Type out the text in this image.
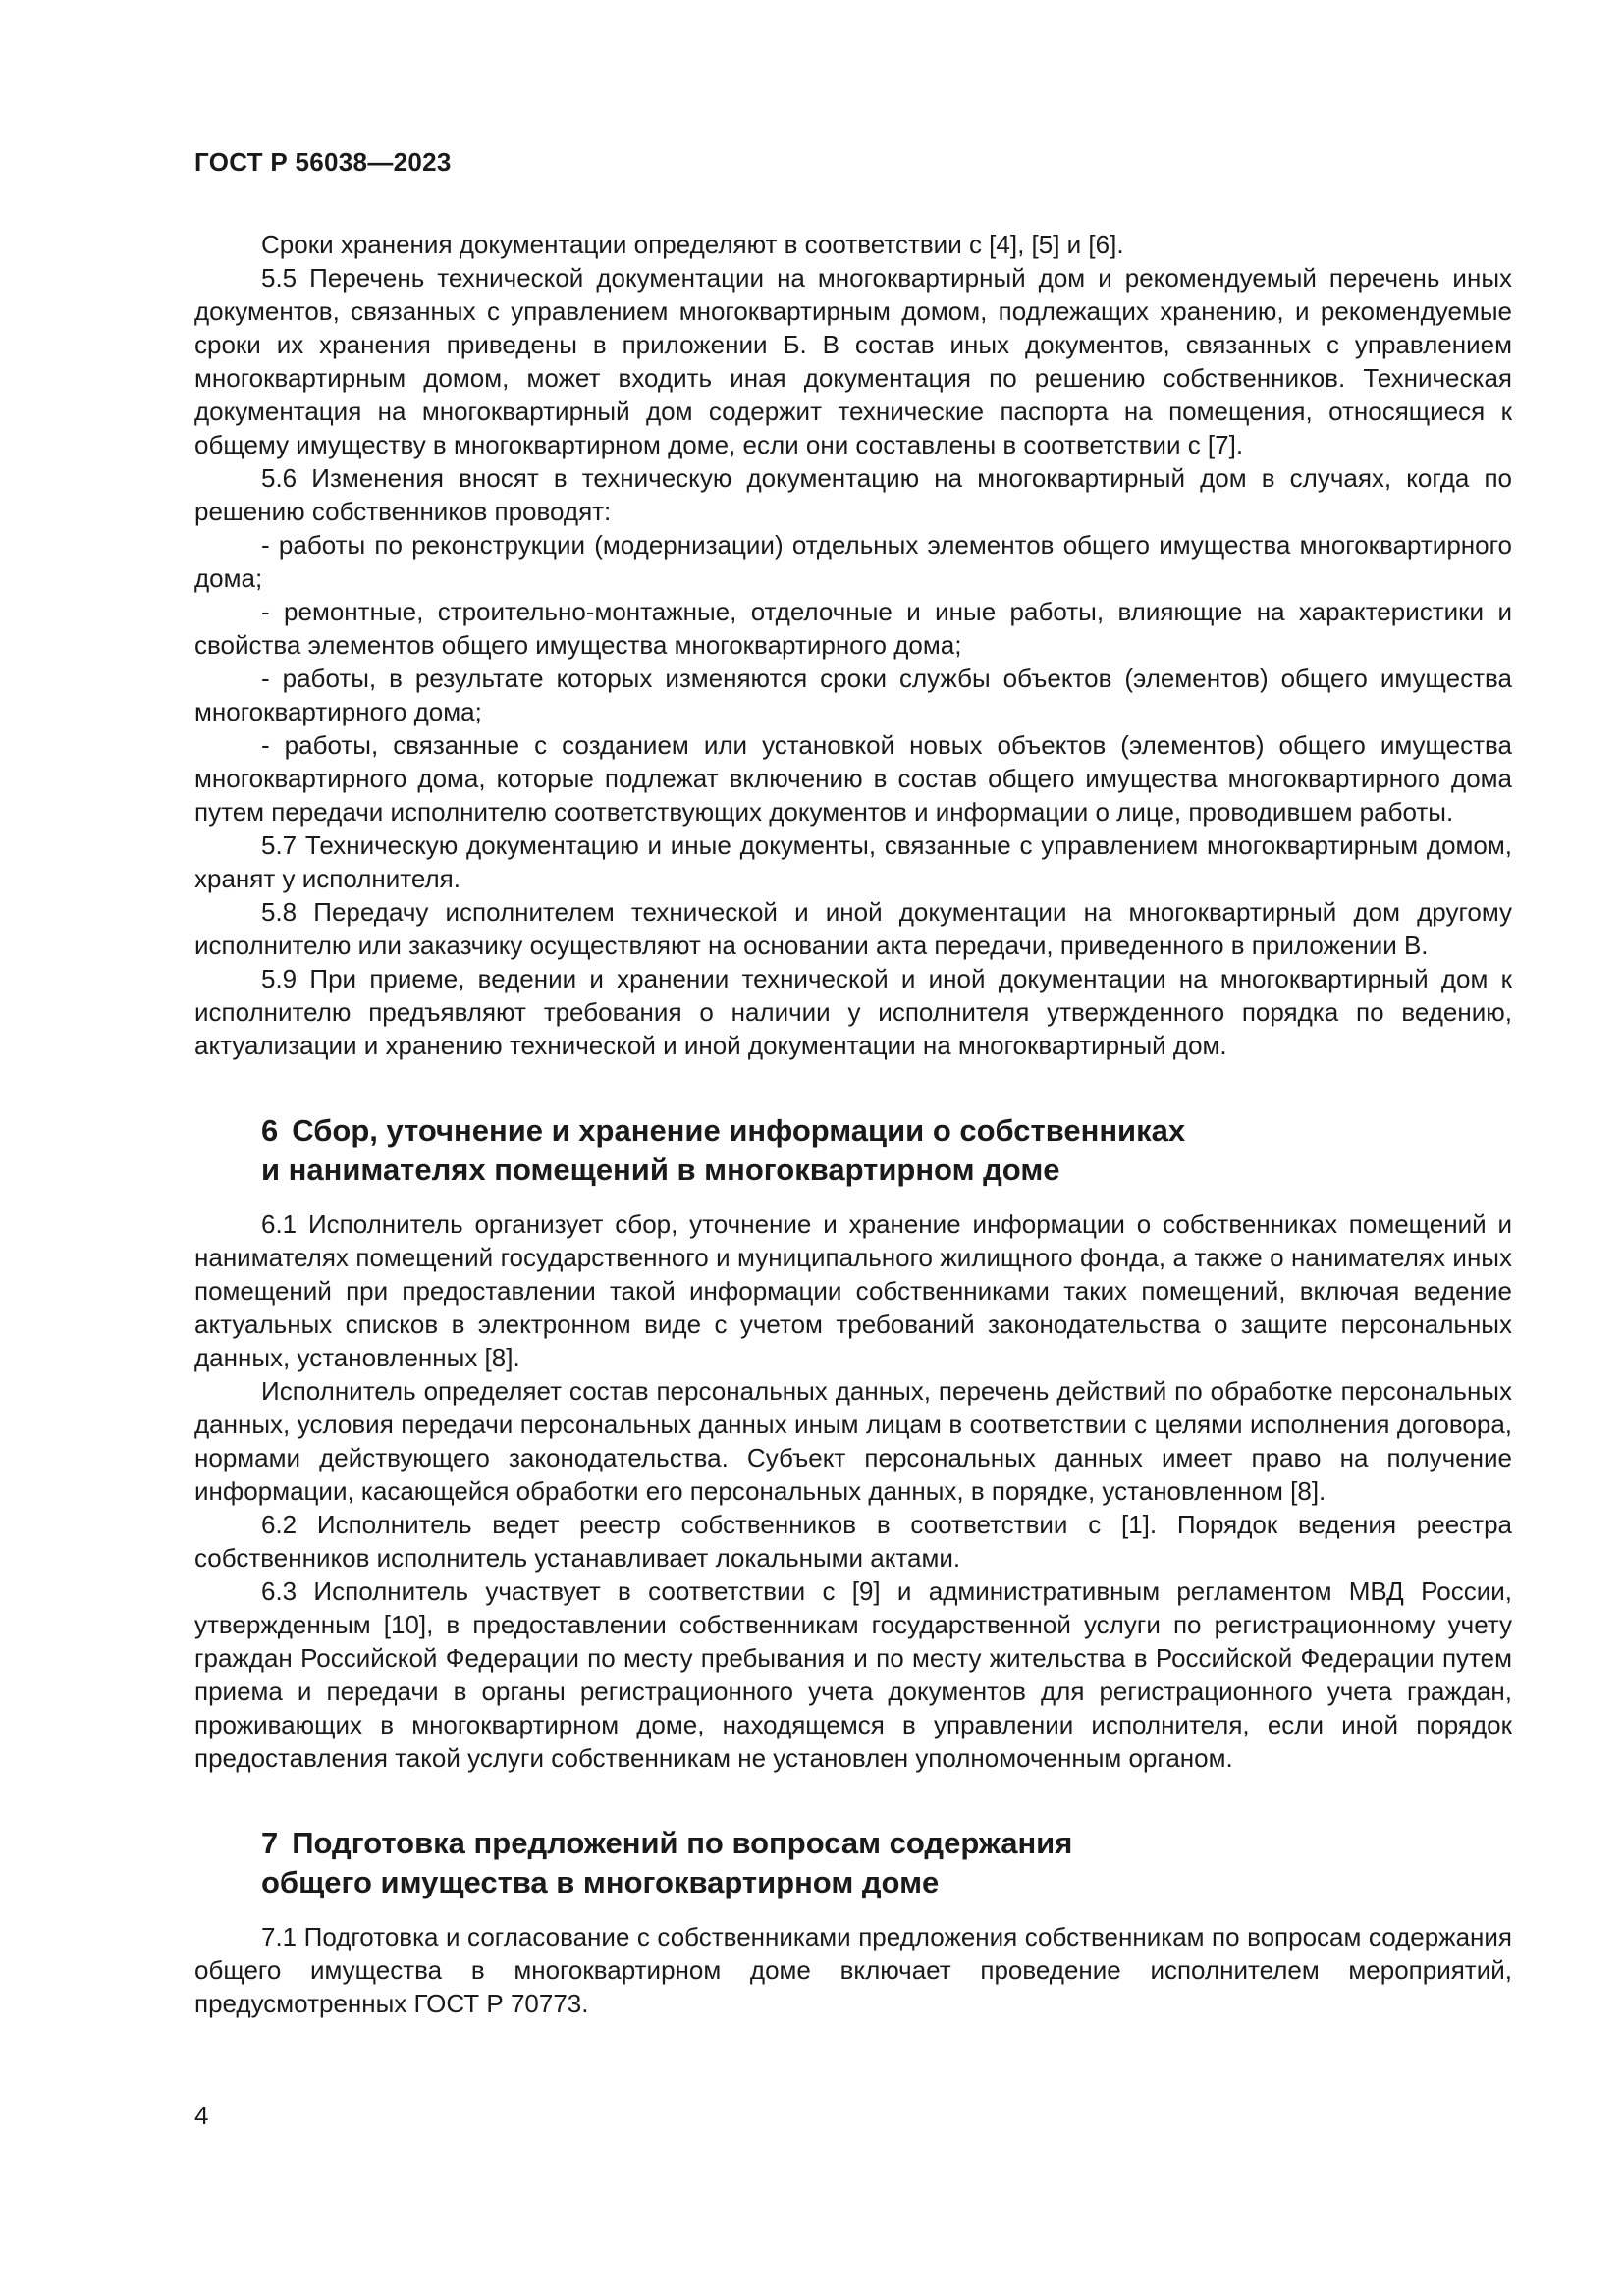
ГОСТ Р 56038—2023

Сроки хранения документации определяют в соответствии с [4], [5] и [6].

5.5 Перечень технической документации на многоквартирный дом и рекомендуемый перечень иных документов, связанных с управлением многоквартирным домом, подлежащих хранению, и рекомендуемые сроки их хранения приведены в приложении Б. В состав иных документов, связанных с управлением многоквартирным домом, может входить иная документация по решению собственников. Техническая документация на многоквартирный дом содержит технические паспорта на помещения, относящиеся к общему имуществу в многоквартирном доме, если они составлены в соответствии с [7].

5.6 Изменения вносят в техническую документацию на многоквартирный дом в случаях, когда по решению собственников проводят:

- работы по реконструкции (модернизации) отдельных элементов общего имущества многоквартирного дома;

- ремонтные, строительно-монтажные, отделочные и иные работы, влияющие на характеристики и свойства элементов общего имущества многоквартирного дома;

- работы, в результате которых изменяются сроки службы объектов (элементов) общего имущества многоквартирного дома;

- работы, связанные с созданием или установкой новых объектов (элементов) общего имущества многоквартирного дома, которые подлежат включению в состав общего имущества многоквартирного дома путем передачи исполнителю соответствующих документов и информации о лице, проводившем работы.

5.7 Техническую документацию и иные документы, связанные с управлением многоквартирным домом, хранят у исполнителя.

5.8 Передачу исполнителем технической и иной документации на многоквартирный дом другому исполнителю или заказчику осуществляют на основании акта передачи, приведенного в приложении В.

5.9 При приеме, ведении и хранении технической и иной документации на многоквартирный дом к исполнителю предъявляют требования о наличии у исполнителя утвержденного порядка по ведению, актуализации и хранению технической и иной документации на многоквартирный дом.

6 Сбор, уточнение и хранение информации о собственниках
и нанимателях помещений в многоквартирном доме

6.1 Исполнитель организует сбор, уточнение и хранение информации о собственниках помещений и нанимателях помещений государственного и муниципального жилищного фонда, а также о нанимателях иных помещений при предоставлении такой информации собственниками таких помещений, включая ведение актуальных списков в электронном виде с учетом требований законодательства о защите персональных данных, установленных [8].

Исполнитель определяет состав персональных данных, перечень действий по обработке персональных данных, условия передачи персональных данных иным лицам в соответствии с целями исполнения договора, нормами действующего законодательства. Субъект персональных данных имеет право на получение информации, касающейся обработки его персональных данных, в порядке, установленном [8].

6.2 Исполнитель ведет реестр собственников в соответствии с [1]. Порядок ведения реестра собственников исполнитель устанавливает локальными актами.

6.3 Исполнитель участвует в соответствии с [9] и административным регламентом МВД России, утвержденным [10], в предоставлении собственникам государственной услуги по регистрационному учету граждан Российской Федерации по месту пребывания и по месту жительства в Российской Федерации путем приема и передачи в органы регистрационного учета документов для регистрационного учета граждан, проживающих в многоквартирном доме, находящемся в управлении исполнителя, если иной порядок предоставления такой услуги собственникам не установлен уполномоченным органом.

7 Подготовка предложений по вопросам содержания
общего имущества в многоквартирном доме

7.1 Подготовка и согласование с собственниками предложения собственникам по вопросам содержания общего имущества в многоквартирном доме включает проведение исполнителем мероприятий, предусмотренных ГОСТ Р 70773.

4
